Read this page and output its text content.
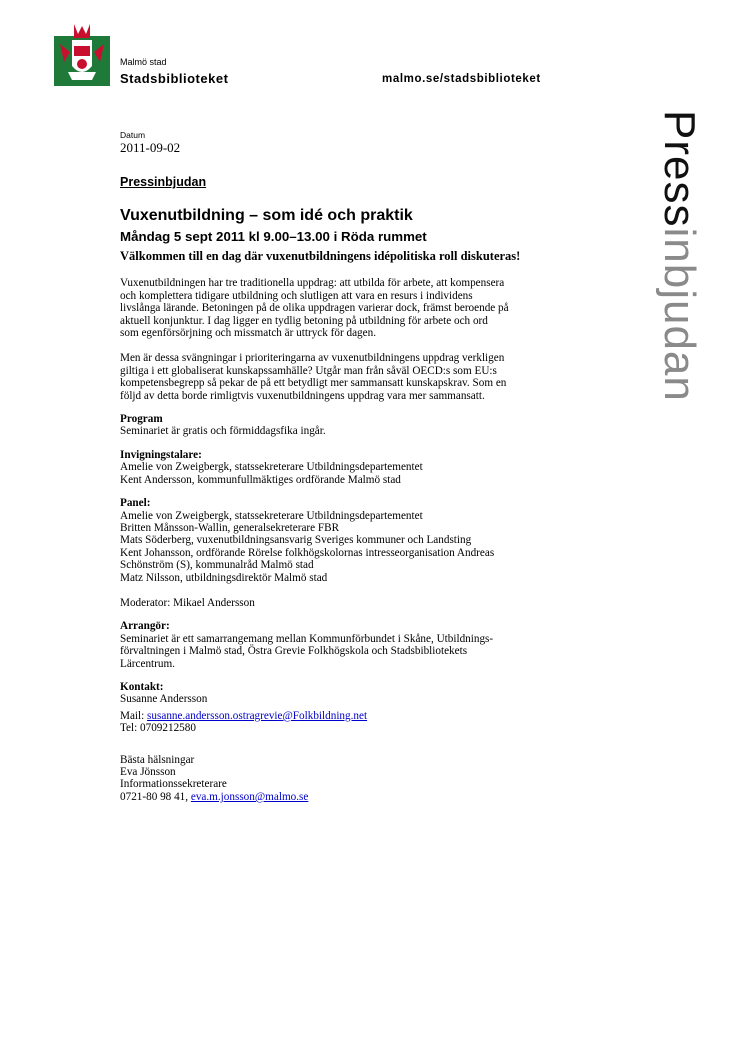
Malmö stad
Stadsbiblioteket	malmo.se/stadsbiblioteket
Pressinbjudan
Datum
2011-09-02
Pressinbjudan
Vuxenutbildning – som idé och praktik
Måndag 5 sept 2011 kl 9.00–13.00 i Röda rummet
Välkommen till en dag där vuxenutbildningens idépolitiska roll diskuteras!

Vuxenutbildningen har tre traditionella uppdrag: att utbilda för arbete, att kompensera
och komplettera tidigare utbildning och slutligen att vara en resurs i individens
livslånga lärande. Betoningen på de olika uppdragen varierar dock, främst beroende på
aktuell konjunktur. I dag ligger en tydlig betoning på utbildning för arbete och ord
som egenförsörjning och missmatch är uttryck för dagen.

Men är dessa svängningar i prioriteringarna av vuxenutbildningens uppdrag verkligen
giltiga i ett globaliserat kunskapssamhälle? Utgår man från såväl OECD:s som EU:s
kompetensbegrepp så pekar de på ett betydligt mer sammansatt kunskapskrav. Som en
följd av detta borde rimligtvis vuxenutbildningens uppdrag vara mer sammansatt.

Program
Seminariet är gratis och förmiddagsfika ingår.
Invigningstalare:
Amelie von Zweigbergk, statssekreterare Utbildningsdepartementet
Kent Andersson, kommunfullmäktiges ordförande Malmö stad
Panel:
Amelie von Zweigbergk, statssekreterare Utbildningsdepartementet
Britten Månsson-Wallin, generalsekreterare FBR
Mats Söderberg, vuxenutbildningsansvarig Sveriges kommuner och Landsting
Kent Johansson, ordförande Rörelse folkhögskolornas intresseorganisation Andreas
Schönström (S), kommunalråd Malmö stad
Matz Nilsson, utbildningsdirektör Malmö stad
Moderator: Mikael Andersson
Arrangör:
Seminariet är ett samarrangemang mellan Kommunförbundet i Skåne, Utbildnings-
förvaltningen i Malmö stad, Östra Grevie Folkhögskola och Stadsbibliotekets
Lärcentrum.
Kontakt:
Susanne Andersson
Mail: susanne.andersson.ostragrevie@Folkbildning.net
Tel: 0709212580
Bästa hälsningar
Eva Jönsson
Informationssekreterare
0721-80 98 41, eva.m.jonsson@malmo.se
